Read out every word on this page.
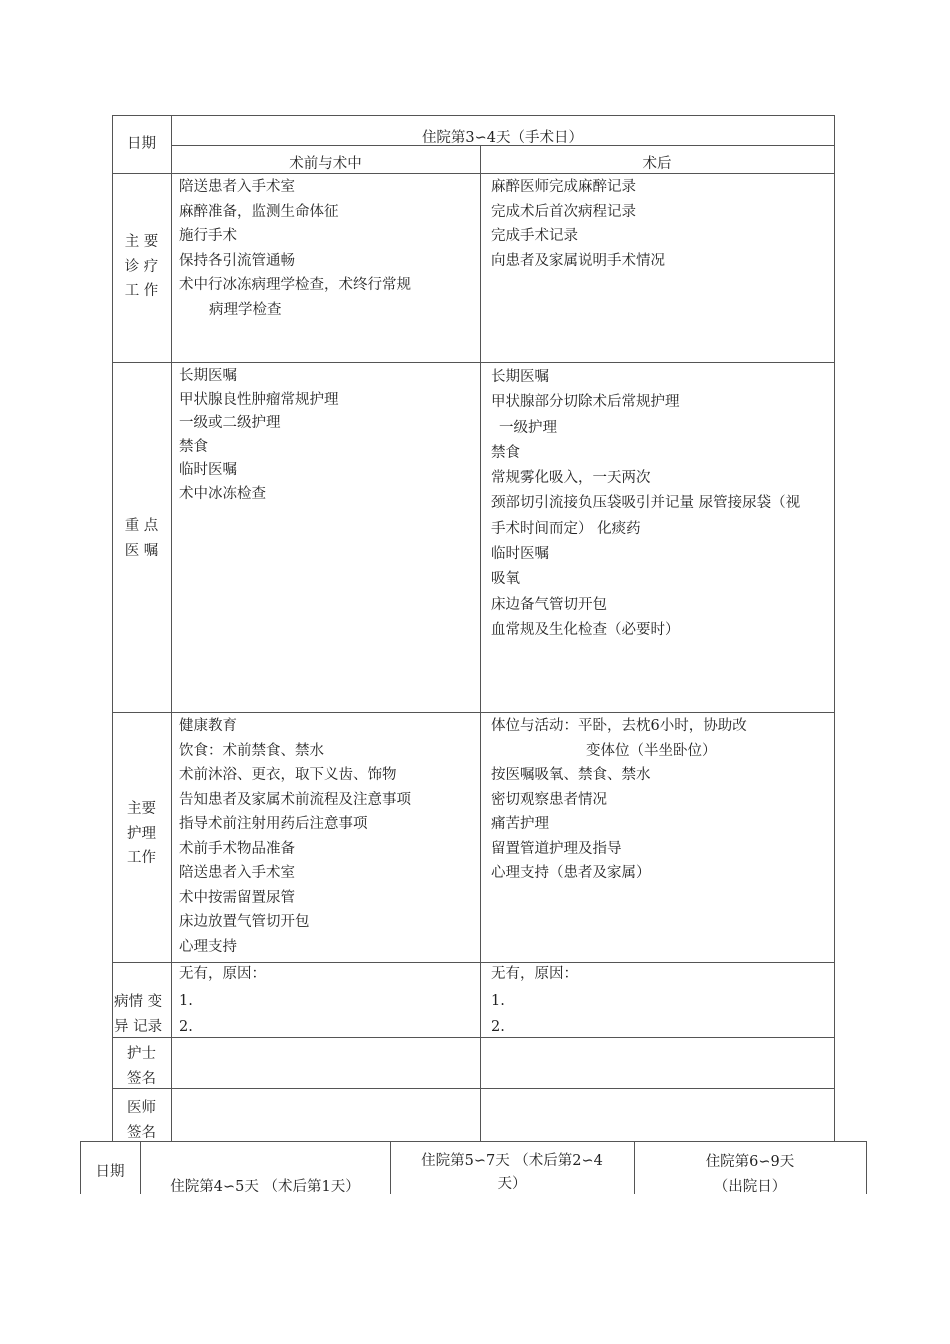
日期	住院第3∽4天（手术日）
术前与术中	术后
主 要
诊 疗
工 作
陪送患者入手术室
麻醉准备，监测生命体征
施行手术
保持各引流管通畅
术中行冰冻病理学检查，术终行常规
病理学检查
麻醉医师完成麻醉记录
完成术后首次病程记录
完成手术记录
向患者及家属说明手术情况
重 点
医 嘱
长期医嘱
甲状腺良性肿瘤常规护理
一级或二级护理
禁食
临时医嘱
术中冰冻检查
长期医嘱
甲状腺部分切除术后常规护理
一级护理
禁食
常规雾化吸入，一天两次
颈部切引流接负压袋吸引并记量 尿管接尿袋（视
手术时间而定） 化痰药
临时医嘱
吸氧
床边备气管切开包
血常规及生化检查（必要时）
主要
护理
工作
健康教育
饮食：术前禁食、禁水
术前沐浴、更衣，取下义齿、饰物
告知患者及家属术前流程及注意事项
指导术前注射用药后注意事项
术前手术物品准备
陪送患者入手术室
术中按需留置尿管
床边放置气管切开包
心理支持
体位与活动：平卧，去枕6小时，协助改
变体位（半坐卧位）
按医嘱吸氧、禁食、禁水
密切观察患者情况
痛苦护理
留置管道护理及指导
心理支持（患者及家属）
病情 变
异 记录
无有，原因：
1.
2.
无有，原因：
1.
2.
护士
签名
医师
签名
日期
住院第4∽5天 （术后第1天）
住院第5∽7天 （术后第2∽4
天）
住院第6∽9天
（出院日）
